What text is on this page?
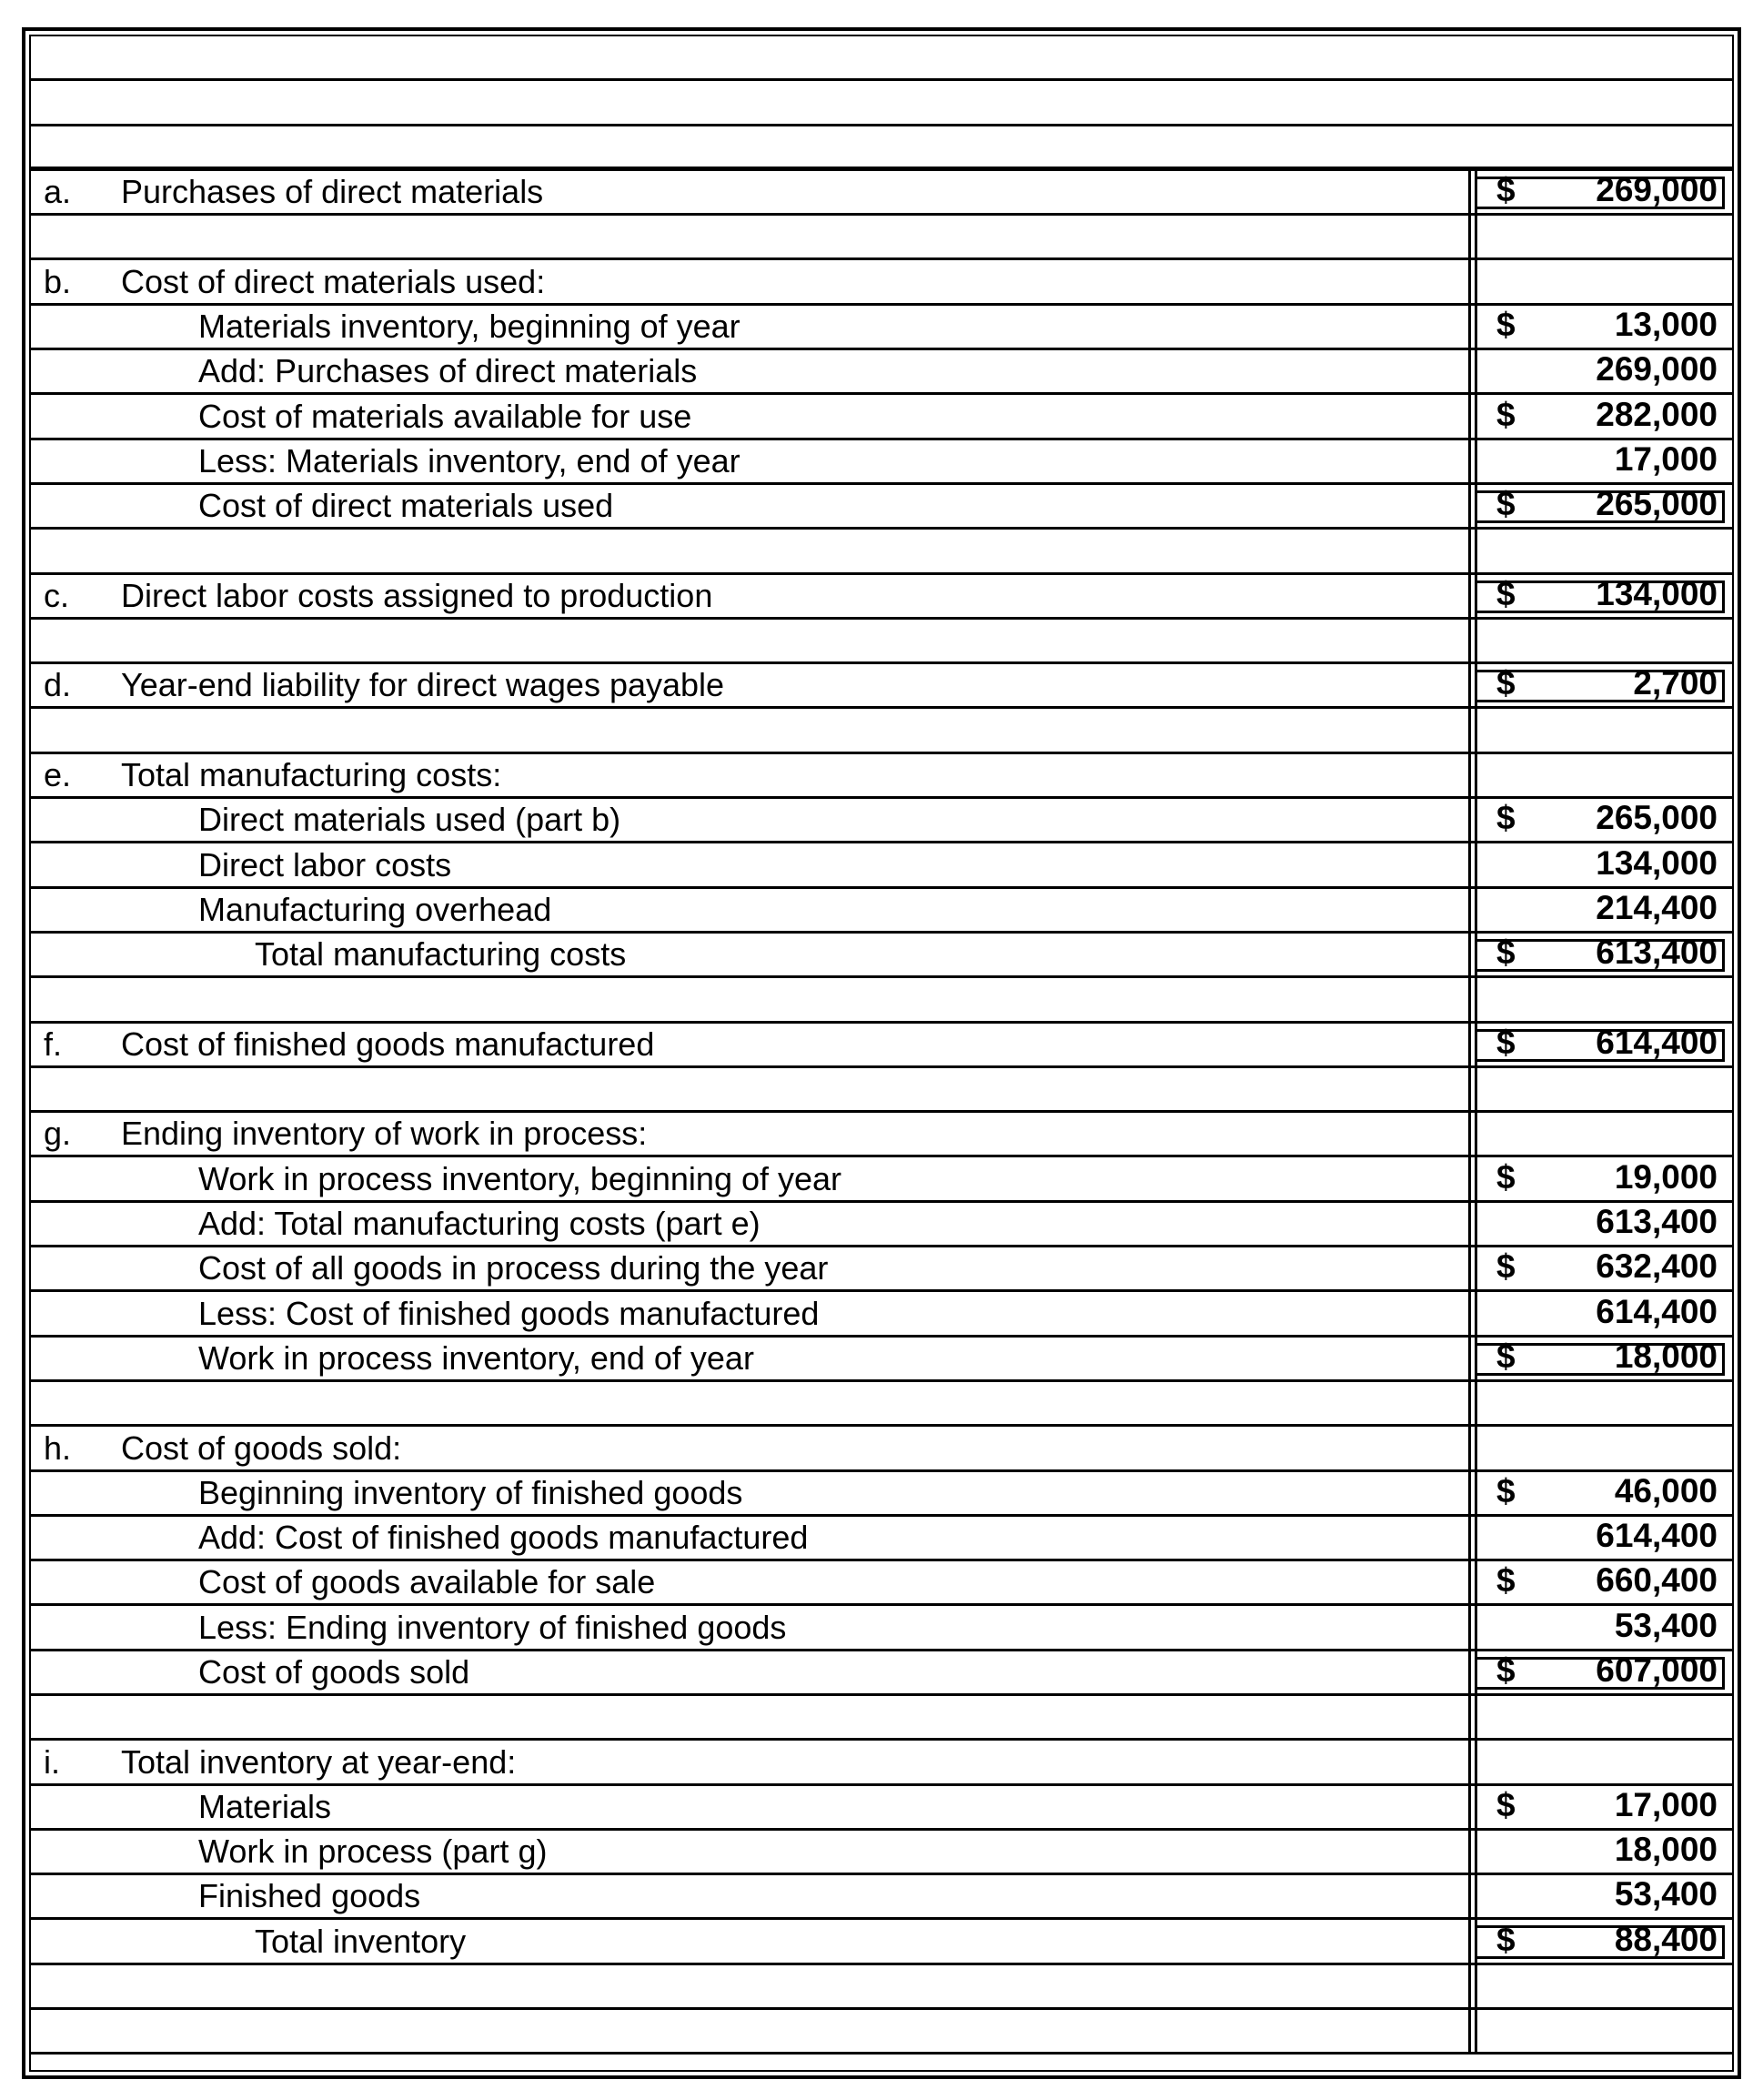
a. Purchases of direct materials	$ 269,000
b. Cost of direct materials used:
Materials inventory, beginning of year	$	13,000
Add: Purchases of direct materials	269,000
Cost of materials available for use	$ 282,000
Less: Materials inventory, end of year	17,000
Cost of direct materials used	$ 265,000
c. Direct labor costs assigned to production	$ 134,000
d. Year-end liability for direct wages payable	$	2,700
e. Total manufacturing costs:
Direct materials used (part b)	$ 265,000
Direct labor costs	134,000
Manufacturing overhead	214,400
Total manufacturing costs	$ 613,400
f. Cost of finished goods manufactured	$ 614,400
g. Ending inventory of work in process:
Work in process inventory, beginning of year	$	19,000
Add: Total manufacturing costs (part e)	613,400
Cost of all goods in process during the year	$ 632,400
Less: Cost of finished goods manufactured	614,400
Work in process inventory, end of year	$	18,000
h. Cost of goods sold:
Beginning inventory of finished goods	$	46,000
Add: Cost of finished goods manufactured	614,400
Cost of goods available for sale	$ 660,400
Less: Ending inventory of finished goods	53,400
Cost of goods sold	$ 607,000
i. Total inventory at year-end:
Materials	$	17,000
Work in process (part g)	18,000
Finished goods	53,400
Total inventory	$	88,400
